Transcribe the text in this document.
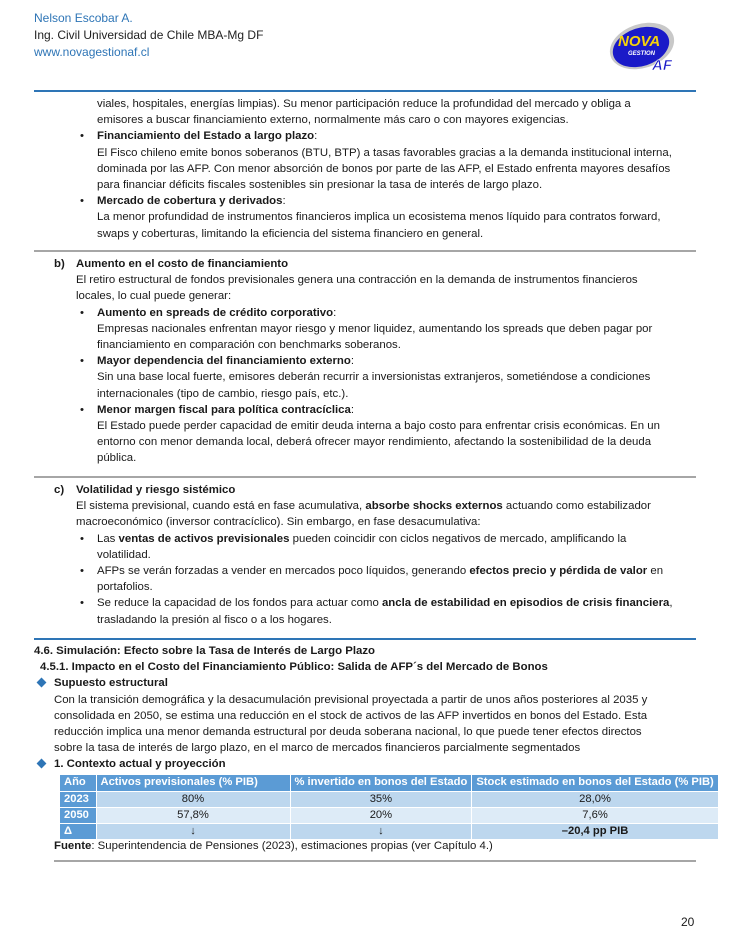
Nelson Escobar A.
Ing. Civil Universidad de Chile MBA-Mg DF
www.novagestionaf.cl
NOVA
GESTION
AF
viales, hospitales, energías limpias). Su menor participación reduce la profundidad del mercado y obliga a
emisores a buscar financiamiento externo, normalmente más caro o con mayores exigencias.
• Financiamiento del Estado a largo plazo:
El Fisco chileno emite bonos soberanos (BTU, BTP) a tasas favorables gracias a la demanda institucional interna,
dominada por las AFP. Con menor absorción de bonos por parte de las AFP, el Estado enfrenta mayores desafíos
para financiar déficits fiscales sostenibles sin presionar la tasa de interés de largo plazo.
• Mercado de cobertura y derivados:
La menor profundidad de instrumentos financieros implica un ecosistema menos líquido para contratos forward,
swaps y coberturas, limitando la eficiencia del sistema financiero en general.
b) Aumento en el costo de financiamiento
El retiro estructural de fondos previsionales genera una contracción en la demanda de instrumentos financieros
locales, lo cual puede generar:
• Aumento en spreads de crédito corporativo:
Empresas nacionales enfrentan mayor riesgo y menor liquidez, aumentando los spreads que deben pagar por
financiamiento en comparación con benchmarks soberanos.
• Mayor dependencia del financiamiento externo:
Sin una base local fuerte, emisores deberán recurrir a inversionistas extranjeros, sometiéndose a condiciones
internacionales (tipo de cambio, riesgo país, etc.).
• Menor margen fiscal para política contracíclica:
El Estado puede perder capacidad de emitir deuda interna a bajo costo para enfrentar crisis económicas. En un
entorno con menor demanda local, deberá ofrecer mayor rendimiento, afectando la sostenibilidad de la deuda
pública.
c) Volatilidad y riesgo sistémico
El sistema previsional, cuando está en fase acumulativa, absorbe shocks externos actuando como estabilizador
macroeconómico (inversor contracíclico). Sin embargo, en fase desacumulativa:
• Las ventas de activos previsionales pueden coincidir con ciclos negativos de mercado, amplificando la
volatilidad.
• AFPs se verán forzadas a vender en mercados poco líquidos, generando efectos precio y pérdida de valor en
portafolios.
• Se reduce la capacidad de los fondos para actuar como ancla de estabilidad en episodios de crisis financiera,
trasladando la presión al fisco o a los hogares.
4.6. Simulación: Efecto sobre la Tasa de Interés de Largo Plazo
4.5.1. Impacto en el Costo del Financiamiento Público: Salida de AFP´s del Mercado de Bonos
Supuesto estructural
Con la transición demográfica y la desacumulación previsional proyectada a partir de unos años posteriores al 2035 y
consolidada en 2050, se estima una reducción en el stock de activos de las AFP invertidos en bonos del Estado. Esta
reducción implica una menor demanda estructural por deuda soberana nacional, lo que puede tener efectos directos
sobre la tasa de interés de largo plazo, en el marco de mercados financieros parcialmente segmentados
1. Contexto actual y proyección
Año	Activos previsionales (% PIB)	% invertido en bonos del Estado	Stock estimado en bonos del Estado (% PIB)
2023	80%	35%	28,0%
2050	57,8%	20%	7,6%
Δ	↓	↓	–20,4 pp PIB
Fuente: Superintendencia de Pensiones (2023), estimaciones propias (ver Capítulo 4.)
20
